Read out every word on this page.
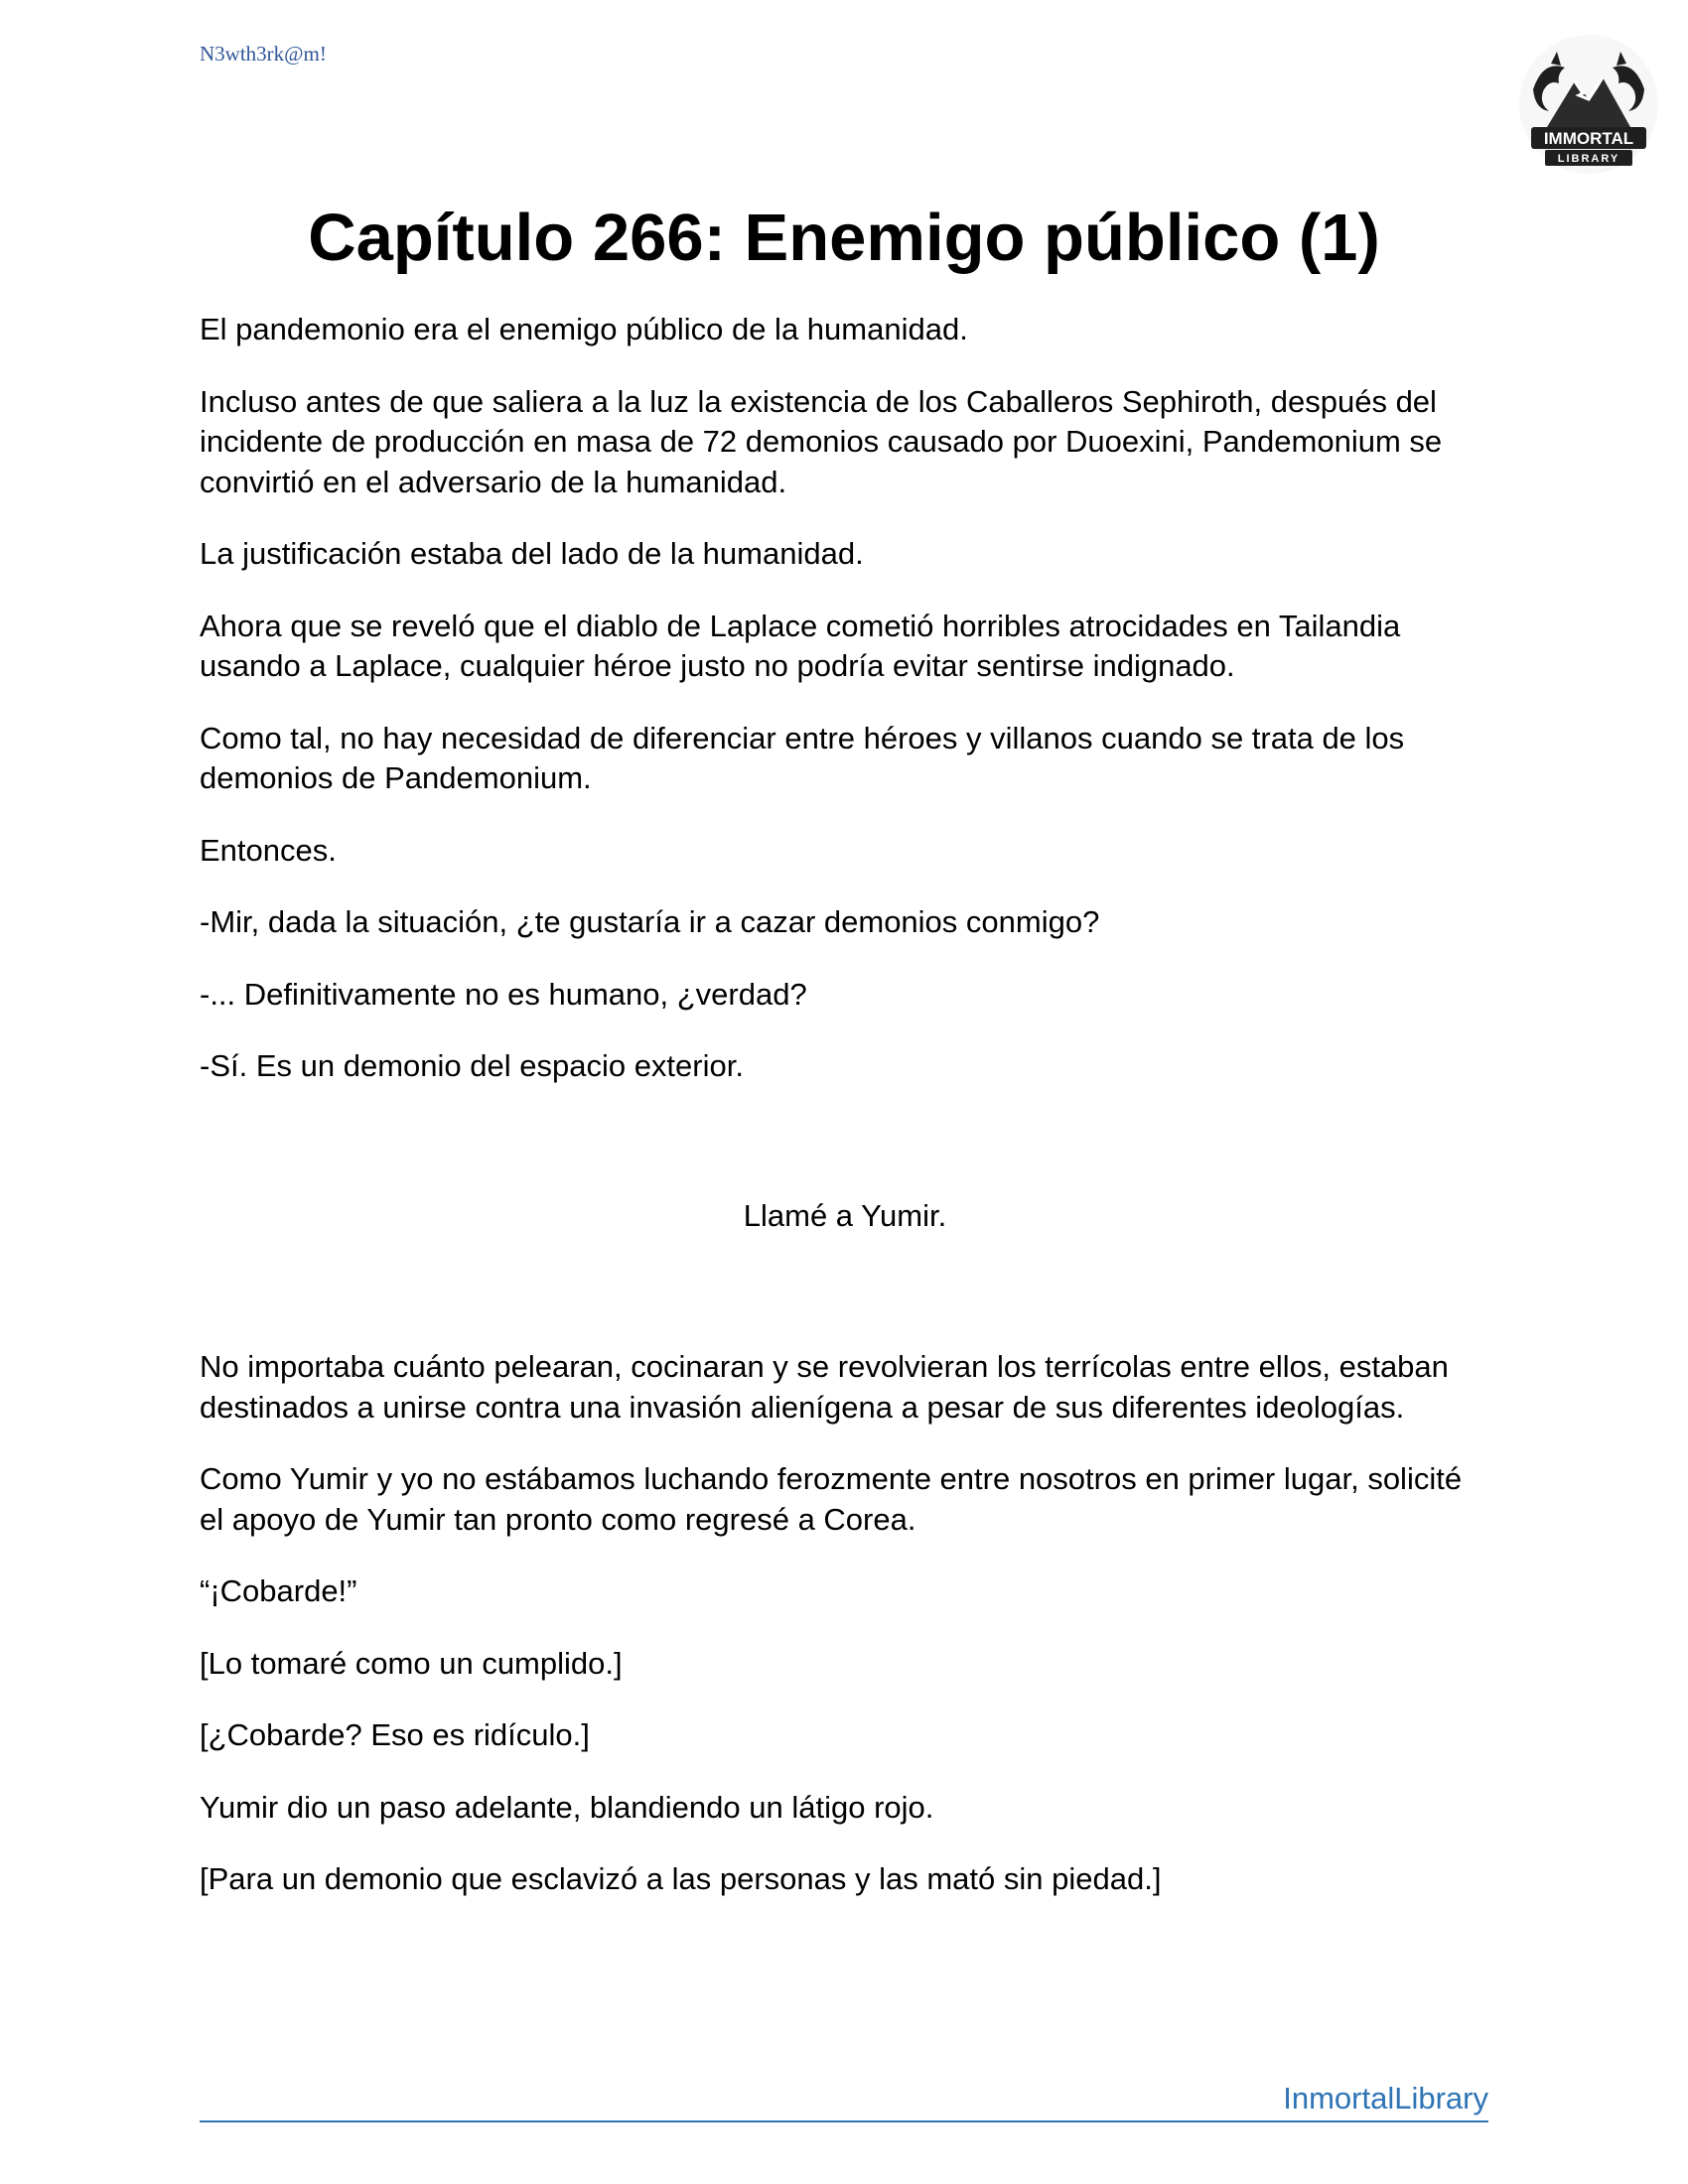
N3wth3rk@m!
IMMORTAL
LIBRARY
Capítulo 266: Enemigo público (1)

El pandemonio era el enemigo público de la humanidad.

Incluso antes de que saliera a la luz la existencia de los Caballeros Sephiroth, después del incidente de producción en masa de 72 demonios causado por Duoexini, Pandemonium se convirtió en el adversario de la humanidad.

La justificación estaba del lado de la humanidad.

Ahora que se reveló que el diablo de Laplace cometió horribles atrocidades en Tailandia usando a Laplace, cualquier héroe justo no podría evitar sentirse indignado.

Como tal, no hay necesidad de diferenciar entre héroes y villanos cuando se trata de los demonios de Pandemonium.

Entonces.

-Mir, dada la situación, ¿te gustaría ir a cazar demonios conmigo?

-... Definitivamente no es humano, ¿verdad?

-Sí. Es un demonio del espacio exterior.

Llamé a Yumir.

No importaba cuánto pelearan, cocinaran y se revolvieran los terrícolas entre ellos, estaban destinados a unirse contra una invasión alienígena a pesar de sus diferentes ideologías.

Como Yumir y yo no estábamos luchando ferozmente entre nosotros en primer lugar, solicité el apoyo de Yumir tan pronto como regresé a Corea.

“¡Cobarde!”

[Lo tomaré como un cumplido.]

[¿Cobarde? Eso es ridículo.]

Yumir dio un paso adelante, blandiendo un látigo rojo.

[Para un demonio que esclavizó a las personas y las mató sin piedad.]

InmortalLibrary
